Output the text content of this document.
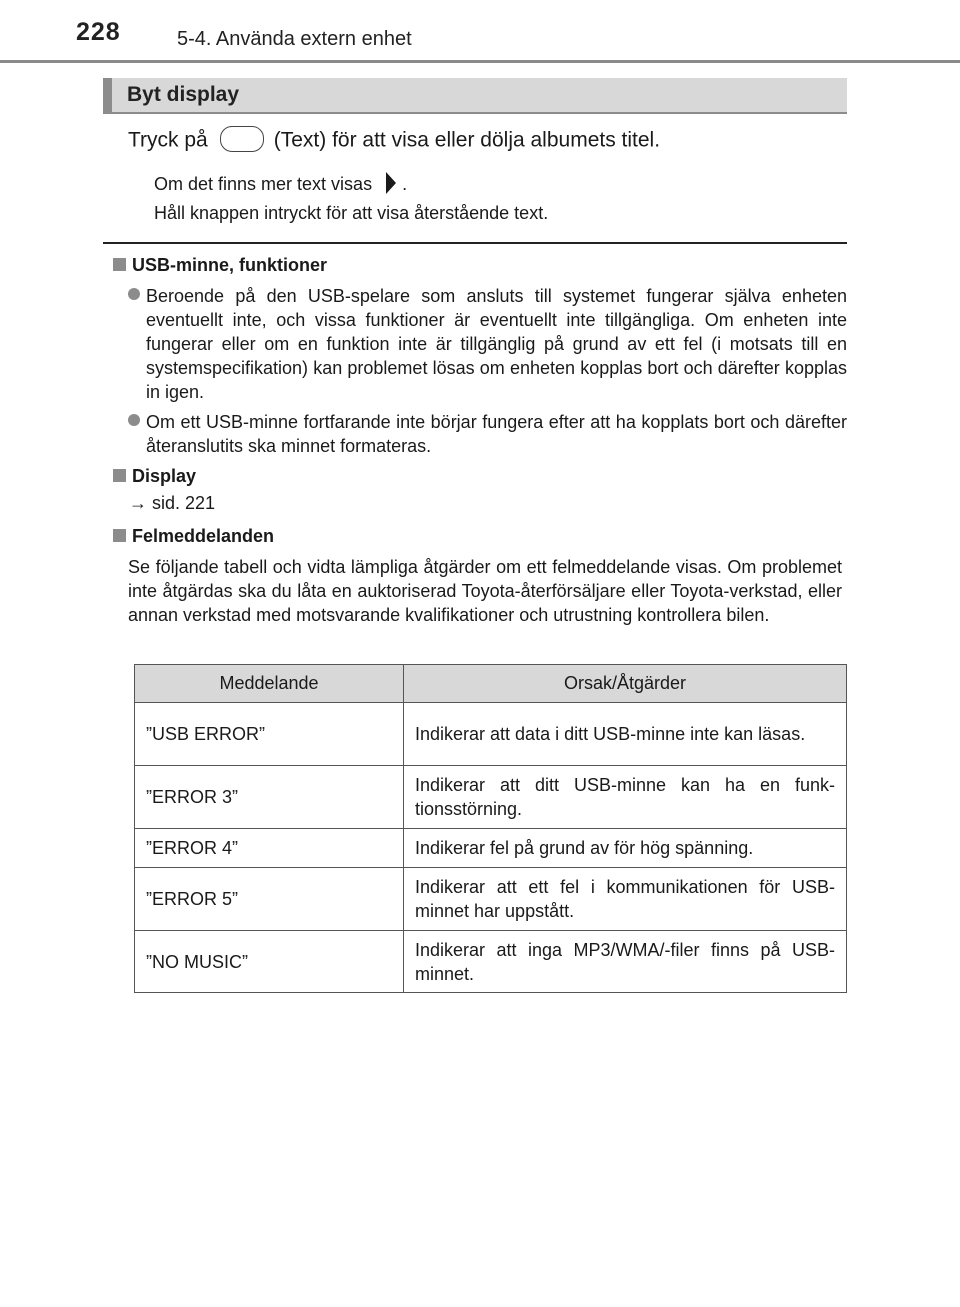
228	5-4. Använda extern enhet
Byt display
Tryck på	(Text) för att visa eller dölja albumets titel.
Om det finns mer text visas .
Håll knappen intryckt för att visa återstående text.
USB-minne, funktioner
Beroende på den USB-spelare som ansluts till systemet fungerar själva enheten eventuellt inte, och vissa funktioner är eventuellt inte tillgängliga. Om enheten inte fungerar eller om en funktion inte är tillgänglig på grund av ett fel (i motsats till en systemspecifikation) kan problemet lösas om enheten kopplas bort och därefter kopplas in igen.
Om ett USB-minne fortfarande inte börjar fungera efter att ha kopplats bort och därefter återanslutits ska minnet formateras.
Display
→ sid. 221
Felmeddelanden
Se följande tabell och vidta lämpliga åtgärder om ett felmeddelande visas. Om problemet inte åtgärdas ska du låta en auktoriserad Toyota-återförsäljare eller Toyota-verkstad, eller annan verkstad med motsvarande kvalifikationer och utrustning kontrollera bilen.
Meddelande	Orsak/Åtgärder
”USB ERROR”	Indikerar att data i ditt USB-minne inte kan läsas.
”ERROR 3”	Indikerar att ditt USB-minne kan ha en funktionsstörning.
”ERROR 4”	Indikerar fel på grund av för hög spänning.
”ERROR 5”	Indikerar att ett fel i kommunikationen för USB-minnet har uppstått.
”NO MUSIC”	Indikerar att inga MP3/WMA/-filer finns på USB-minnet.
